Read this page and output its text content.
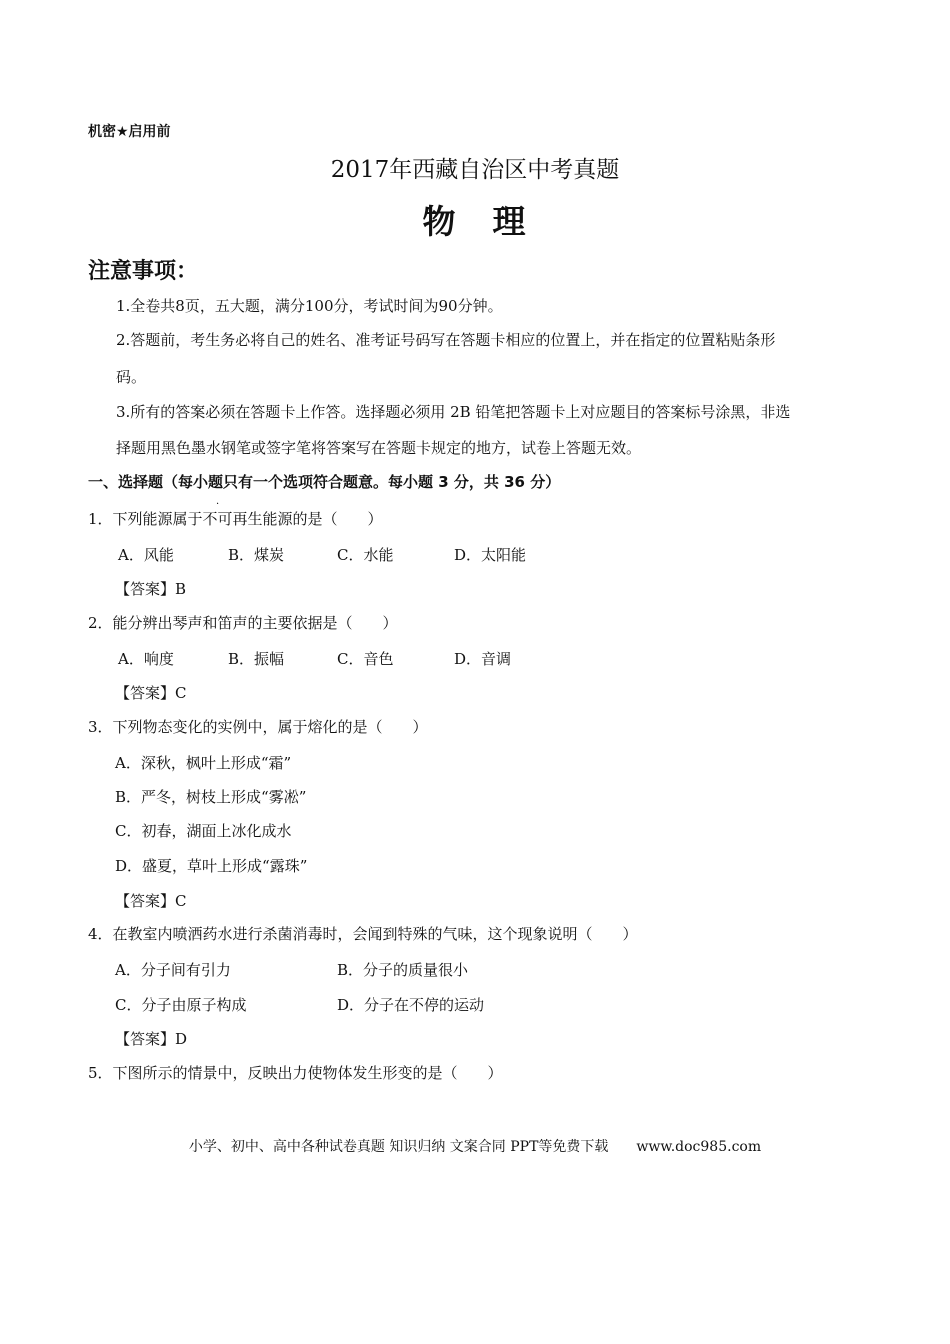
机密★启用前
2017年西藏自治区中考真题
物　理
注意事项：
1.全卷共8页，五大题，满分100分，考试时间为90分钟。
2.答题前，考生务必将自己的姓名、准考证号码写在答题卡相应的位置上，并在指定的位置粘贴条形
码。
3.所有的答案必须在答题卡上作答。选择题必须用 2B 铅笔把答题卡上对应题目的答案标号涂黑，非选
择题用黑色墨水钢笔或签字笔将答案写在答题卡规定的地方，试卷上答题无效。
一、选择题（每小题只有一个选项符合题意。每小题 3 分，共 36 分）
·
1．下列能源属于不可再生能源的是（　　）
A．风能	B．煤炭	C．水能	D．太阳能
【答案】B
2．能分辨出琴声和笛声的主要依据是（　　）
A．响度	B．振幅	C．音色	D．音调
【答案】C
3．下列物态变化的实例中，属于熔化的是（　　）
A．深秋，枫叶上形成“霜”
B．严冬，树枝上形成“雾凇”
C．初春，湖面上冰化成水
D．盛夏，草叶上形成“露珠”
【答案】C
4．在教室内喷洒药水进行杀菌消毒时，会闻到特殊的气味，这个现象说明（　　）
A．分子间有引力	B．分子的质量很小
C．分子由原子构成	D．分子在不停的运动
【答案】D
5．下图所示的情景中，反映出力使物体发生形变的是（　　）
小学、初中、高中各种试卷真题 知识归纳 文案合同 PPT等免费下载 www.doc985.com
